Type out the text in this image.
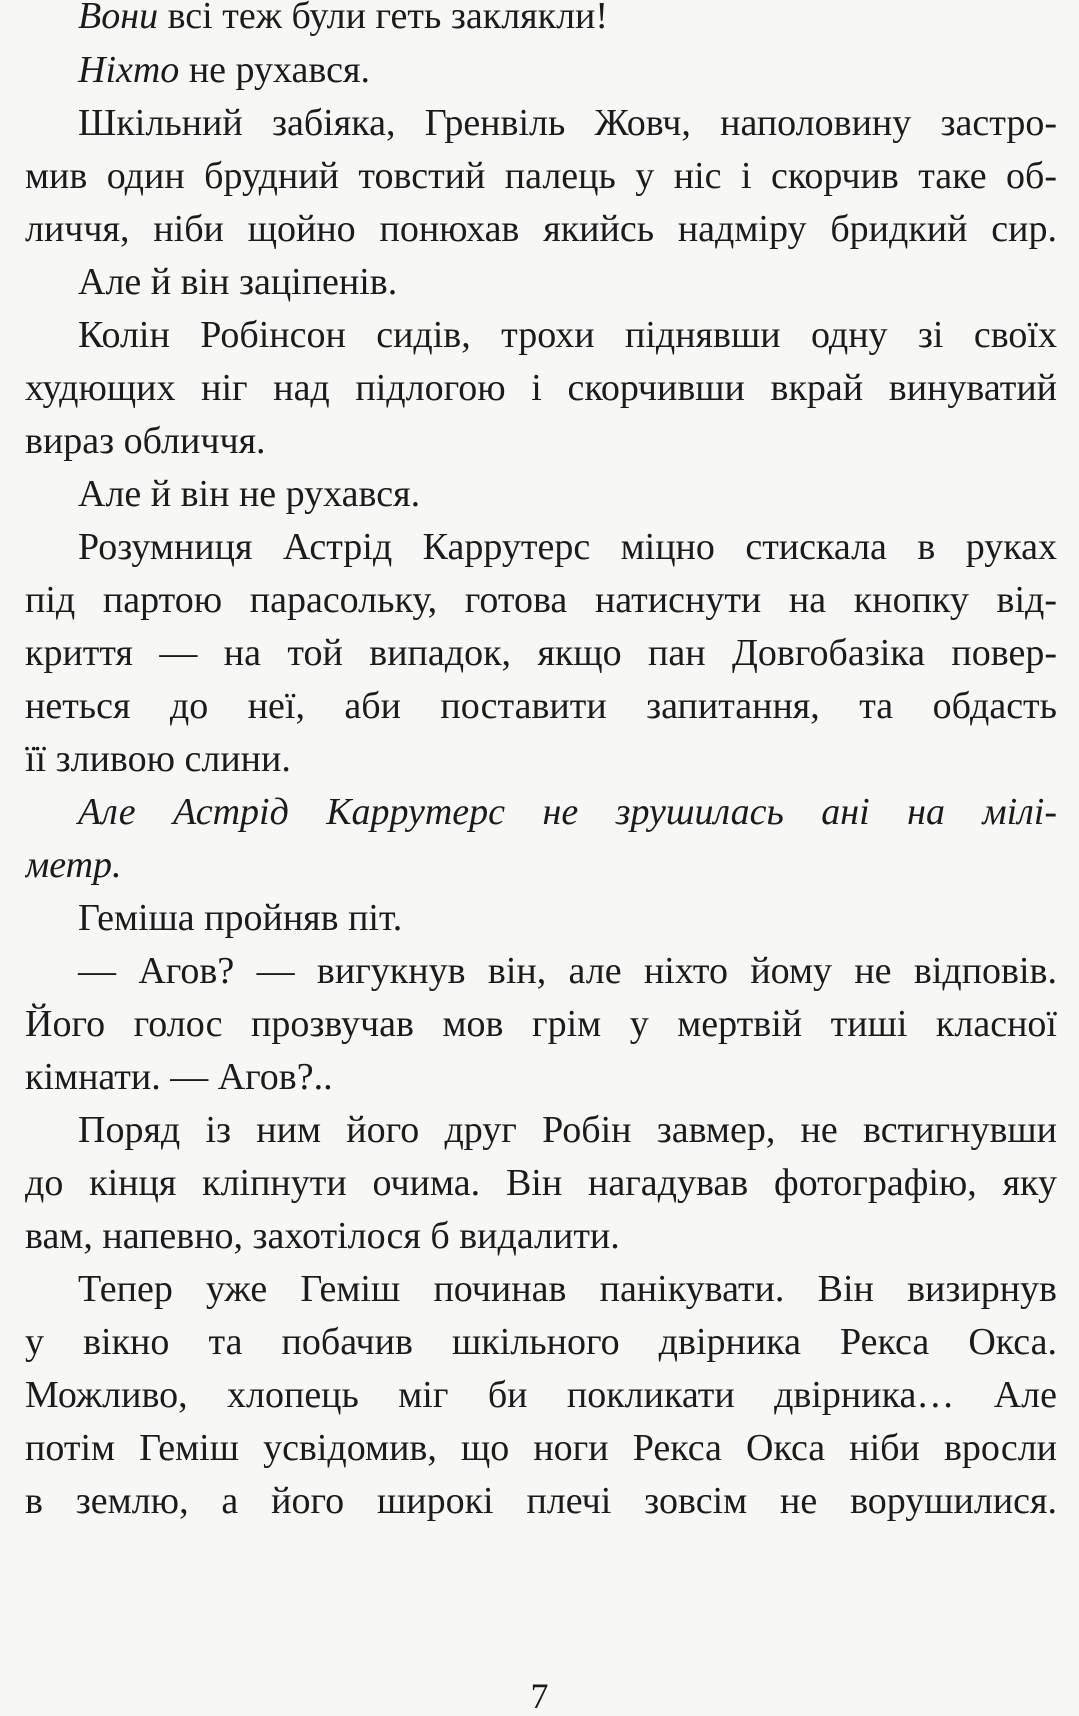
Вони всі теж були геть заклякли!
Ніхто не рухався.
Шкільний забіяка, Гренвіль Жовч, наполовину застро-
мив один брудний товстий палець у ніс і скорчив таке об-
личчя, ніби щойно понюхав якийсь надміру бридкий сир.
Але й він заціпенів.
Колін Робінсон сидів, трохи піднявши одну зі своїх
худющих ніг над підлогою і скорчивши вкрай винуватий
вираз обличчя.
Але й він не рухався.
Розумниця Астрід Каррутерс міцно стискала в руках
під партою парасольку, готова натиснути на кнопку від-
криття — на той випадок, якщо пан Довгобазіка повер-
неться до неї, аби поставити запитання, та обдасть
її зливою слини.
Але Астрід Каррутерс не зрушилась ані на мілі-
метр.
Геміша пройняв піт.
— Агов? — вигукнув він, але ніхто йому не відповів.
Його голос прозвучав мов грім у мертвій тиші класної
кімнати. — Агов?..
Поряд із ним його друг Робін завмер, не встигнувши
до кінця кліпнути очима. Він нагадував фотографію, яку
вам, напевно, захотілося б видалити.
Тепер уже Геміш починав панікувати. Він визирнув
у вікно та побачив шкільного двірника Рекса Окса.
Можливо, хлопець міг би покликати двірника… Але
потім Геміш усвідомив, що ноги Рекса Окса ніби вросли
в землю, а його широкі плечі зовсім не ворушилися.
7
